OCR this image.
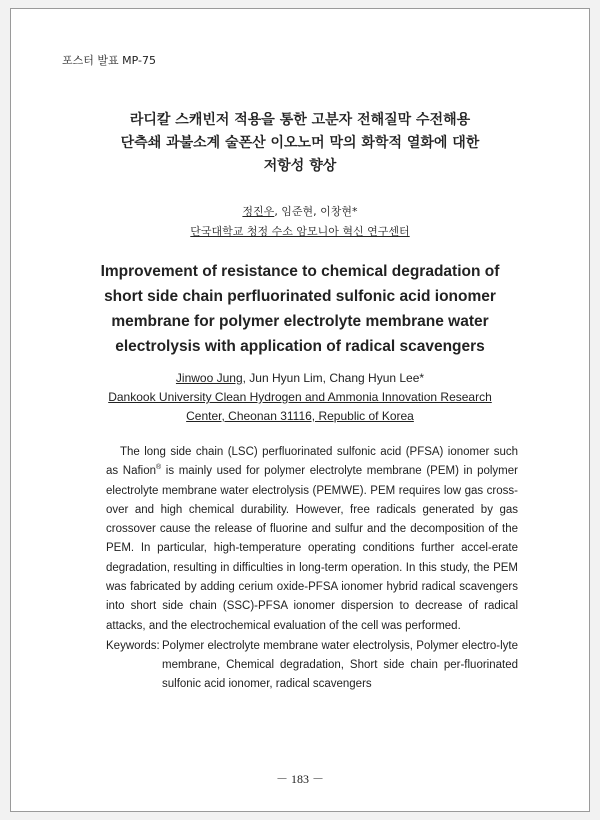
포스터 발표 MP-75
라디칼 스캐빈저 적용을 통한 고분자 전해질막 수전해용
단측쇄 과불소계 술폰산 이오노머 막의 화학적 열화에 대한
저항성 향상
정진우, 임준현, 이창현*
단국대학교 청정 수소 암모니아 혁신 연구센터
Improvement of resistance to chemical degradation of
short side chain perfluorinated sulfonic acid ionomer
membrane for polymer electrolyte membrane water
electrolysis with application of radical scavengers
Jinwoo Jung, Jun Hyun Lim, Chang Hyun Lee*
Dankook University Clean Hydrogen and Ammonia Innovation Research
Center, Cheonan 31116, Republic of Korea

The long side chain (LSC) perfluorinated sulfonic acid (PFSA) ionomer such as Nafion® is mainly used for polymer electrolyte membrane (PEM) in polymer electrolyte membrane water electrolysis (PEMWE). PEM requires low gas cross-over and high chemical durability. However, free radicals generated by gas crossover cause the release of fluorine and sulfur and the decomposition of the PEM. In particular, high-temperature operating conditions further accel-erate degradation, resulting in difficulties in long-term operation. In this study, the PEM was fabricated by adding cerium oxide-PFSA ionomer hybrid radical scavengers into short side chain (SSC)-PFSA ionomer dispersion to decrease of radical attacks, and the electrochemical evaluation of the cell was performed.

Keywords: Polymer electrolyte membrane water electrolysis, Polymer electro-lyte membrane, Chemical degradation, Short side chain per-fluorinated sulfonic acid ionomer, radical scavengers
－ 183 －
